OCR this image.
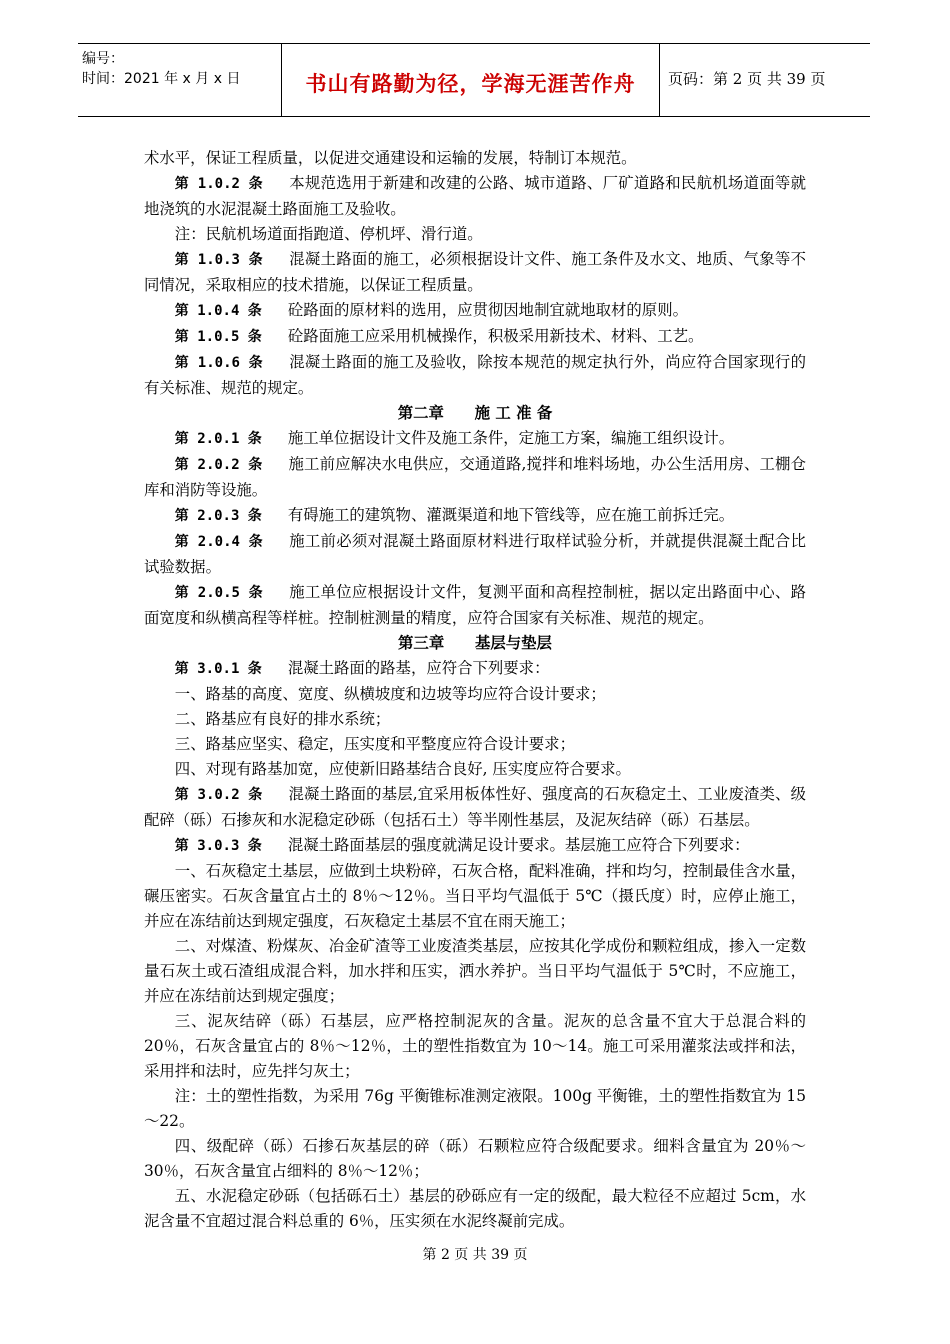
编号：
时间：2021 年 x 月 x 日	书山有路勤为径，学海无涯苦作舟	页码：第 2 页 共 39 页

术水平，保证工程质量，以促进交通建设和运输的发展，特制订本规范。

第 1.0.2 条 本规范选用于新建和改建的公路、城市道路、厂矿道路和民航机场道面等就地浇筑的水泥混凝土路面施工及验收。

注：民航机场道面指跑道、停机坪、滑行道。

第 1.0.3 条 混凝土路面的施工，必须根据设计文件、施工条件及水文、地质、气象等不同情况，采取相应的技术措施，以保证工程质量。

第 1.0.4 条 砼路面的原材料的选用，应贯彻因地制宜就地取材的原则。

第 1.0.5 条 砼路面施工应采用机械操作，积极采用新技术、材料、工艺。

第 1.0.6 条 混凝土路面的施工及验收，除按本规范的规定执行外，尚应符合国家现行的有关标准、规范的规定。

第二章　　施 工 准 备

第 2.0.1 条 施工单位据设计文件及施工条件，定施工方案，编施工组织设计。

第 2.0.2 条 施工前应解决水电供应，交通道路,搅拌和堆料场地，办公生活用房、工棚仓库和消防等设施。

第 2.0.3 条 有碍施工的建筑物、灌溉渠道和地下管线等，应在施工前拆迁完。

第 2.0.4 条 施工前必须对混凝土路面原材料进行取样试验分析，并就提供混凝土配合比试验数据。

第 2.0.5 条 施工单位应根据设计文件，复测平面和高程控制桩，据以定出路面中心、路面宽度和纵横高程等样桩。控制桩测量的精度，应符合国家有关标准、规范的规定。

第三章　　基层与垫层

第 3.0.1 条 混凝土路面的路基，应符合下列要求：

一、路基的高度、宽度、纵横坡度和边坡等均应符合设计要求；

二、路基应有良好的排水系统；

三、路基应坚实、稳定，压实度和平整度应符合设计要求；

四、对现有路基加宽，应使新旧路基结合良好, 压实度应符合要求。

第 3.0.2 条 混凝土路面的基层,宜采用板体性好、强度高的石灰稳定土、工业废渣类、级配碎（砾）石掺灰和水泥稳定砂砾（包括石土）等半刚性基层，及泥灰结碎（砾）石基层。

第 3.0.3 条 混凝土路面基层的强度就满足设计要求。基层施工应符合下列要求：

一、石灰稳定土基层，应做到土块粉碎，石灰合格，配料准确，拌和均匀，控制最佳含水量，碾压密实。石灰含量宜占土的 8％～12％。当日平均气温低于 5℃（摄氏度）时，应停止施工，并应在冻结前达到规定强度，石灰稳定土基层不宜在雨天施工；

二、对煤渣、粉煤灰、冶金矿渣等工业废渣类基层，应按其化学成份和颗粒组成，掺入一定数量石灰土或石渣组成混合料，加水拌和压实，洒水养护。当日平均气温低于 5℃时，不应施工，并应在冻结前达到规定强度；

三、泥灰结碎（砾）石基层，应严格控制泥灰的含量。泥灰的总含量不宜大于总混合料的 20％，石灰含量宜占的 8％～12％，土的塑性指数宜为 10～14。施工可采用灌浆法或拌和法，采用拌和法时，应先拌匀灰土；

注：土的塑性指数，为采用 76g 平衡锥标准测定液限。100g 平衡锥，土的塑性指数宜为 15～22。

四、级配碎（砾）石掺石灰基层的碎（砾）石颗粒应符合级配要求。细料含量宜为 20％～30％，石灰含量宜占细料的 8％～12％；

五、水泥稳定砂砾（包括砾石土）基层的砂砾应有一定的级配，最大粒径不应超过 5cm，水泥含量不宜超过混合料总重的 6％，压实须在水泥终凝前完成。

第 2 页 共 39 页
